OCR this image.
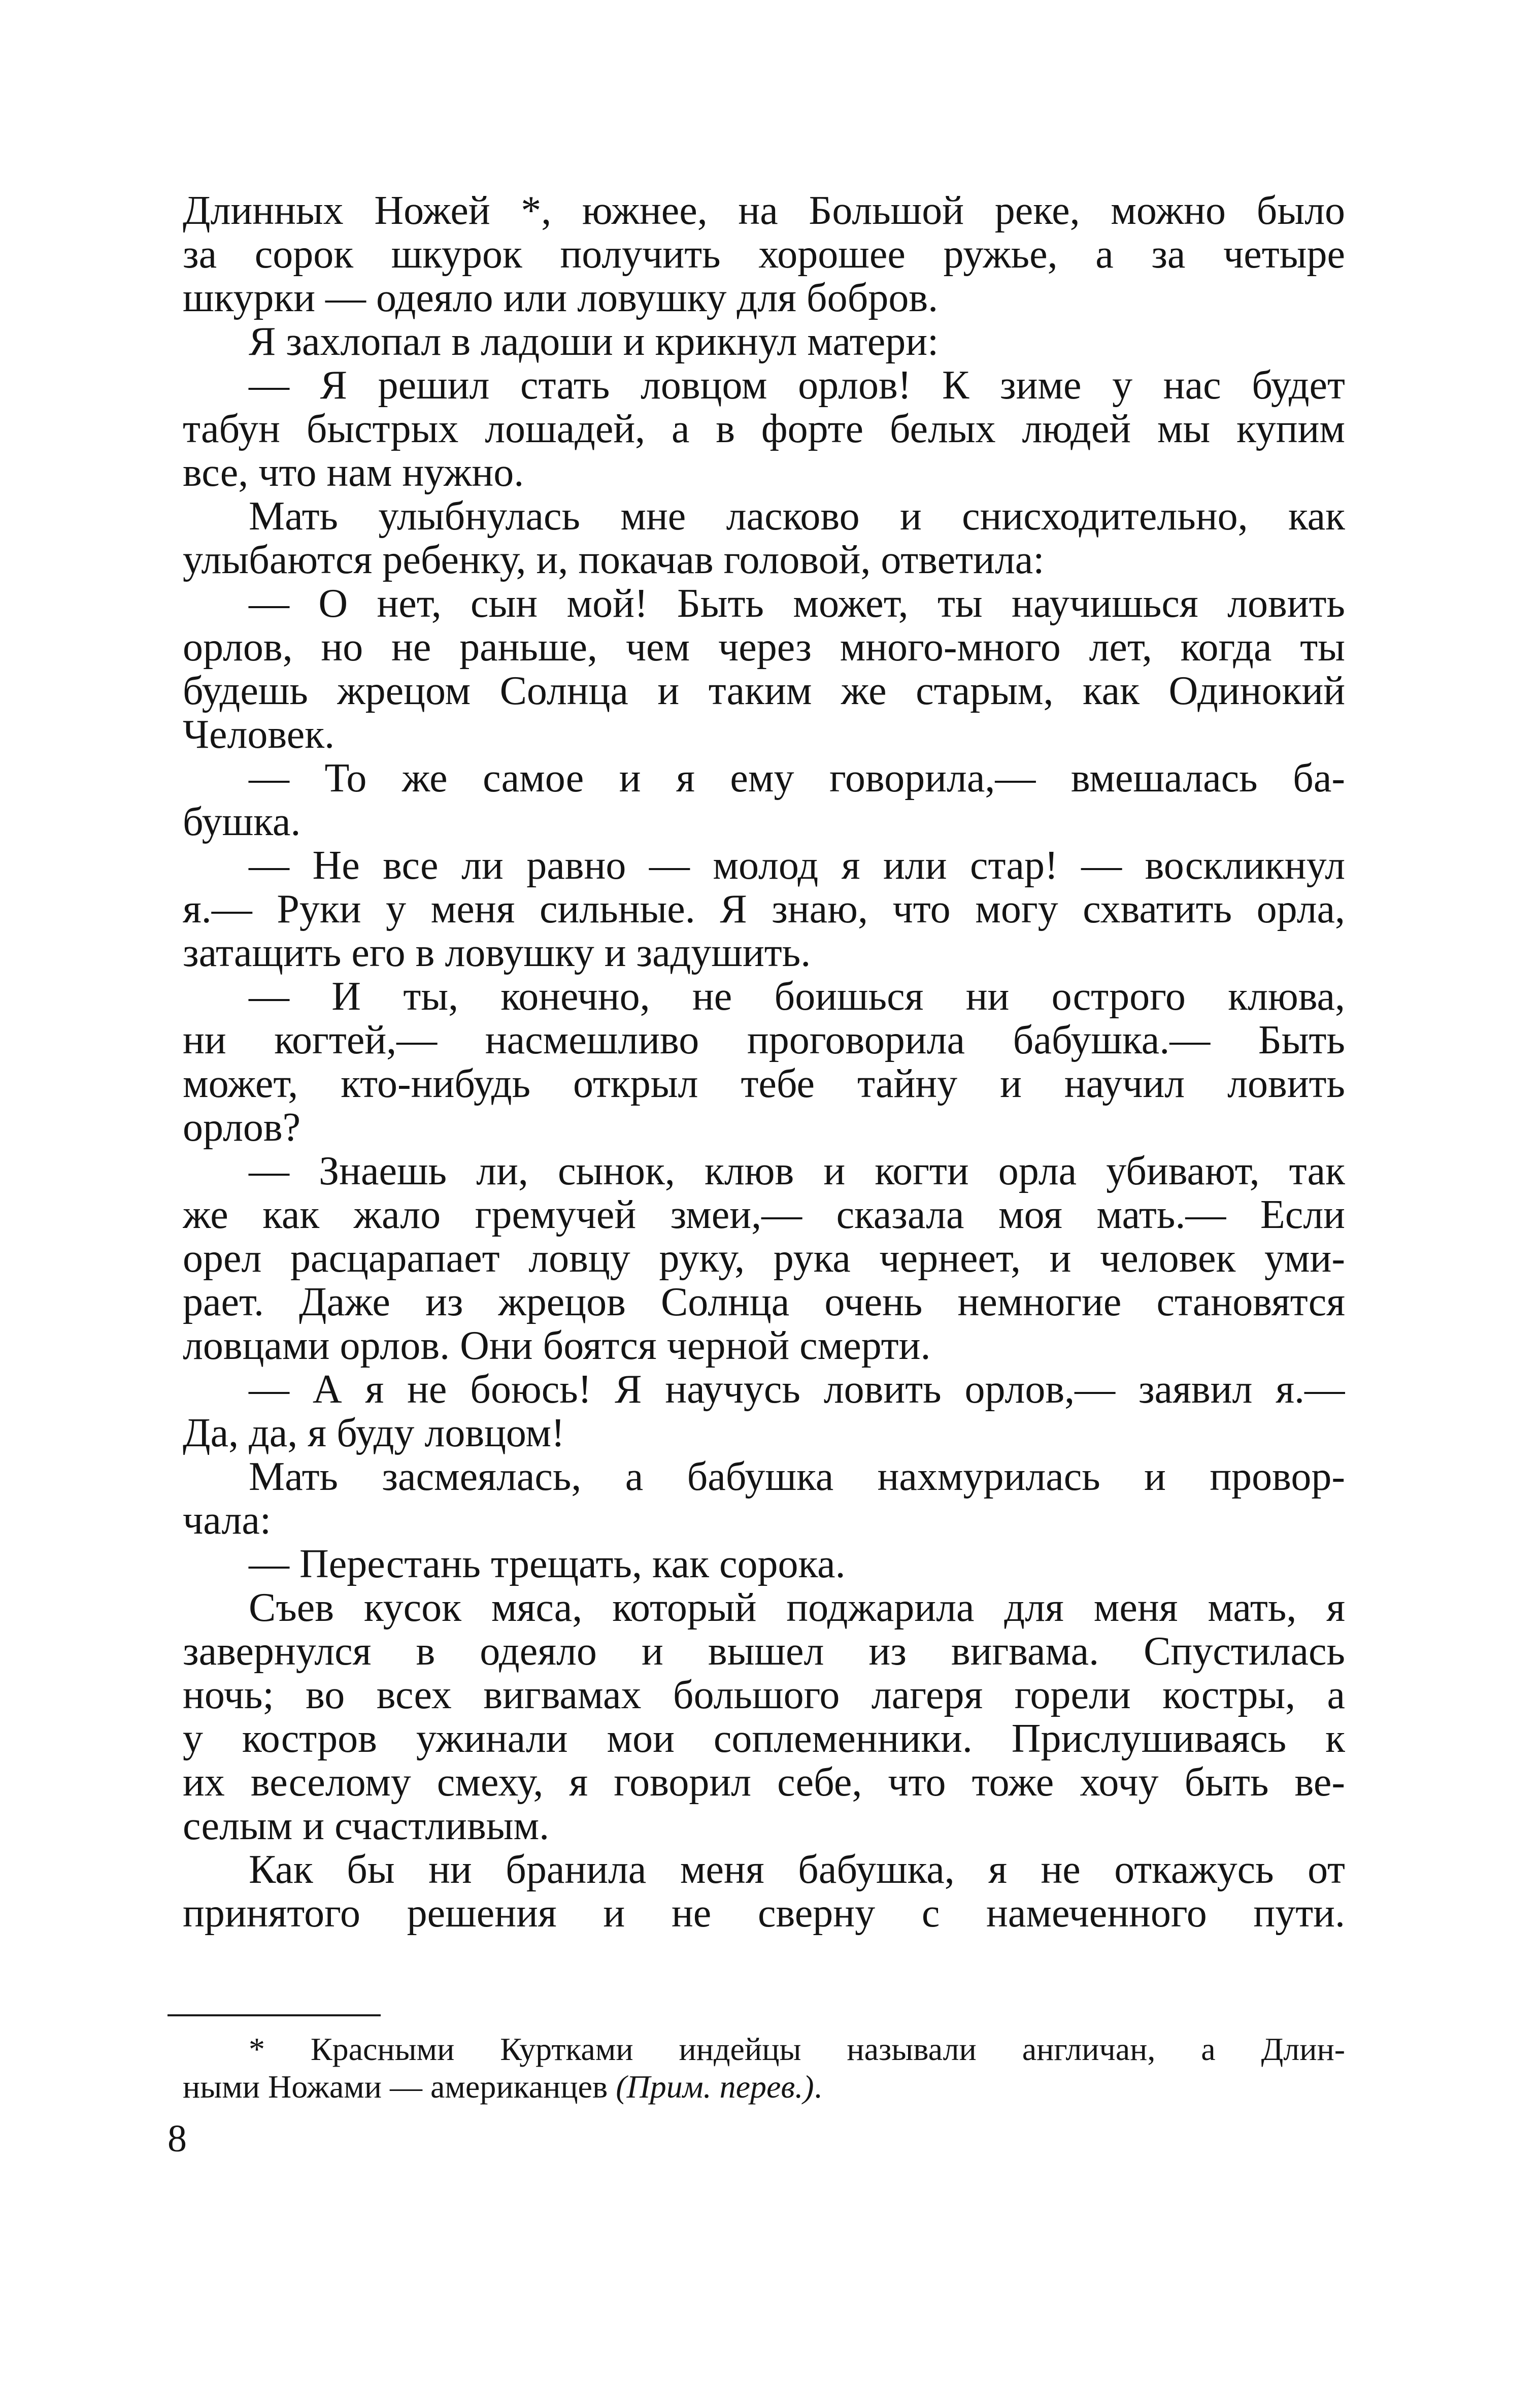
Длинных Ножей *, южнее, на Большой реке, можно было
за сорок шкурок получить хорошее ружье, а за четыре
шкурки — одеяло или ловушку для бобров.
Я захлопал в ладоши и крикнул матери:
— Я решил стать ловцом орлов! К зиме у нас будет
табун быстрых лошадей, а в форте белых людей мы купим
все, что нам нужно.
Мать улыбнулась мне ласково и снисходительно, как
улыбаются ребенку, и, покачав головой, ответила:
— О нет, сын мой! Быть может, ты научишься ловить
орлов, но не раньше, чем через много-много лет, когда ты
будешь жрецом Солнца и таким же старым, как Одинокий
Человек.
— То же самое и я ему говорила,— вмешалась ба-
бушка.
— Не все ли равно — молод я или стар! — воскликнул
я.— Руки у меня сильные. Я знаю, что могу схватить орла,
затащить его в ловушку и задушить.
— И ты, конечно, не боишься ни острого клюва,
ни когтей,— насмешливо проговорила бабушка.— Быть
может, кто-нибудь открыл тебе тайну и научил ловить
орлов?
— Знаешь ли, сынок, клюв и когти орла убивают, так
же как жало гремучей змеи,— сказала моя мать.— Если
орел расцарапает ловцу руку, рука чернеет, и человек уми-
рает. Даже из жрецов Солнца очень немногие становятся
ловцами орлов. Они боятся черной смерти.
— А я не боюсь! Я научусь ловить орлов,— заявил я.—
Да, да, я буду ловцом!
Мать засмеялась, а бабушка нахмурилась и провор-
чала:
— Перестань трещать, как сорока.
Съев кусок мяса, который поджарила для меня мать, я
завернулся в одеяло и вышел из вигвама. Спустилась
ночь; во всех вигвамах большого лагеря горели костры, а
у костров ужинали мои соплеменники. Прислушиваясь к
их веселому смеху, я говорил себе, что тоже хочу быть ве-
селым и счастливым.
Как бы ни бранила меня бабушка, я не откажусь от
принятого решения и не сверну с намеченного пути.
* Красными Куртками индейцы называли англичан, а Длин-
ными Ножами — американцев (Прим. перев.).
8
